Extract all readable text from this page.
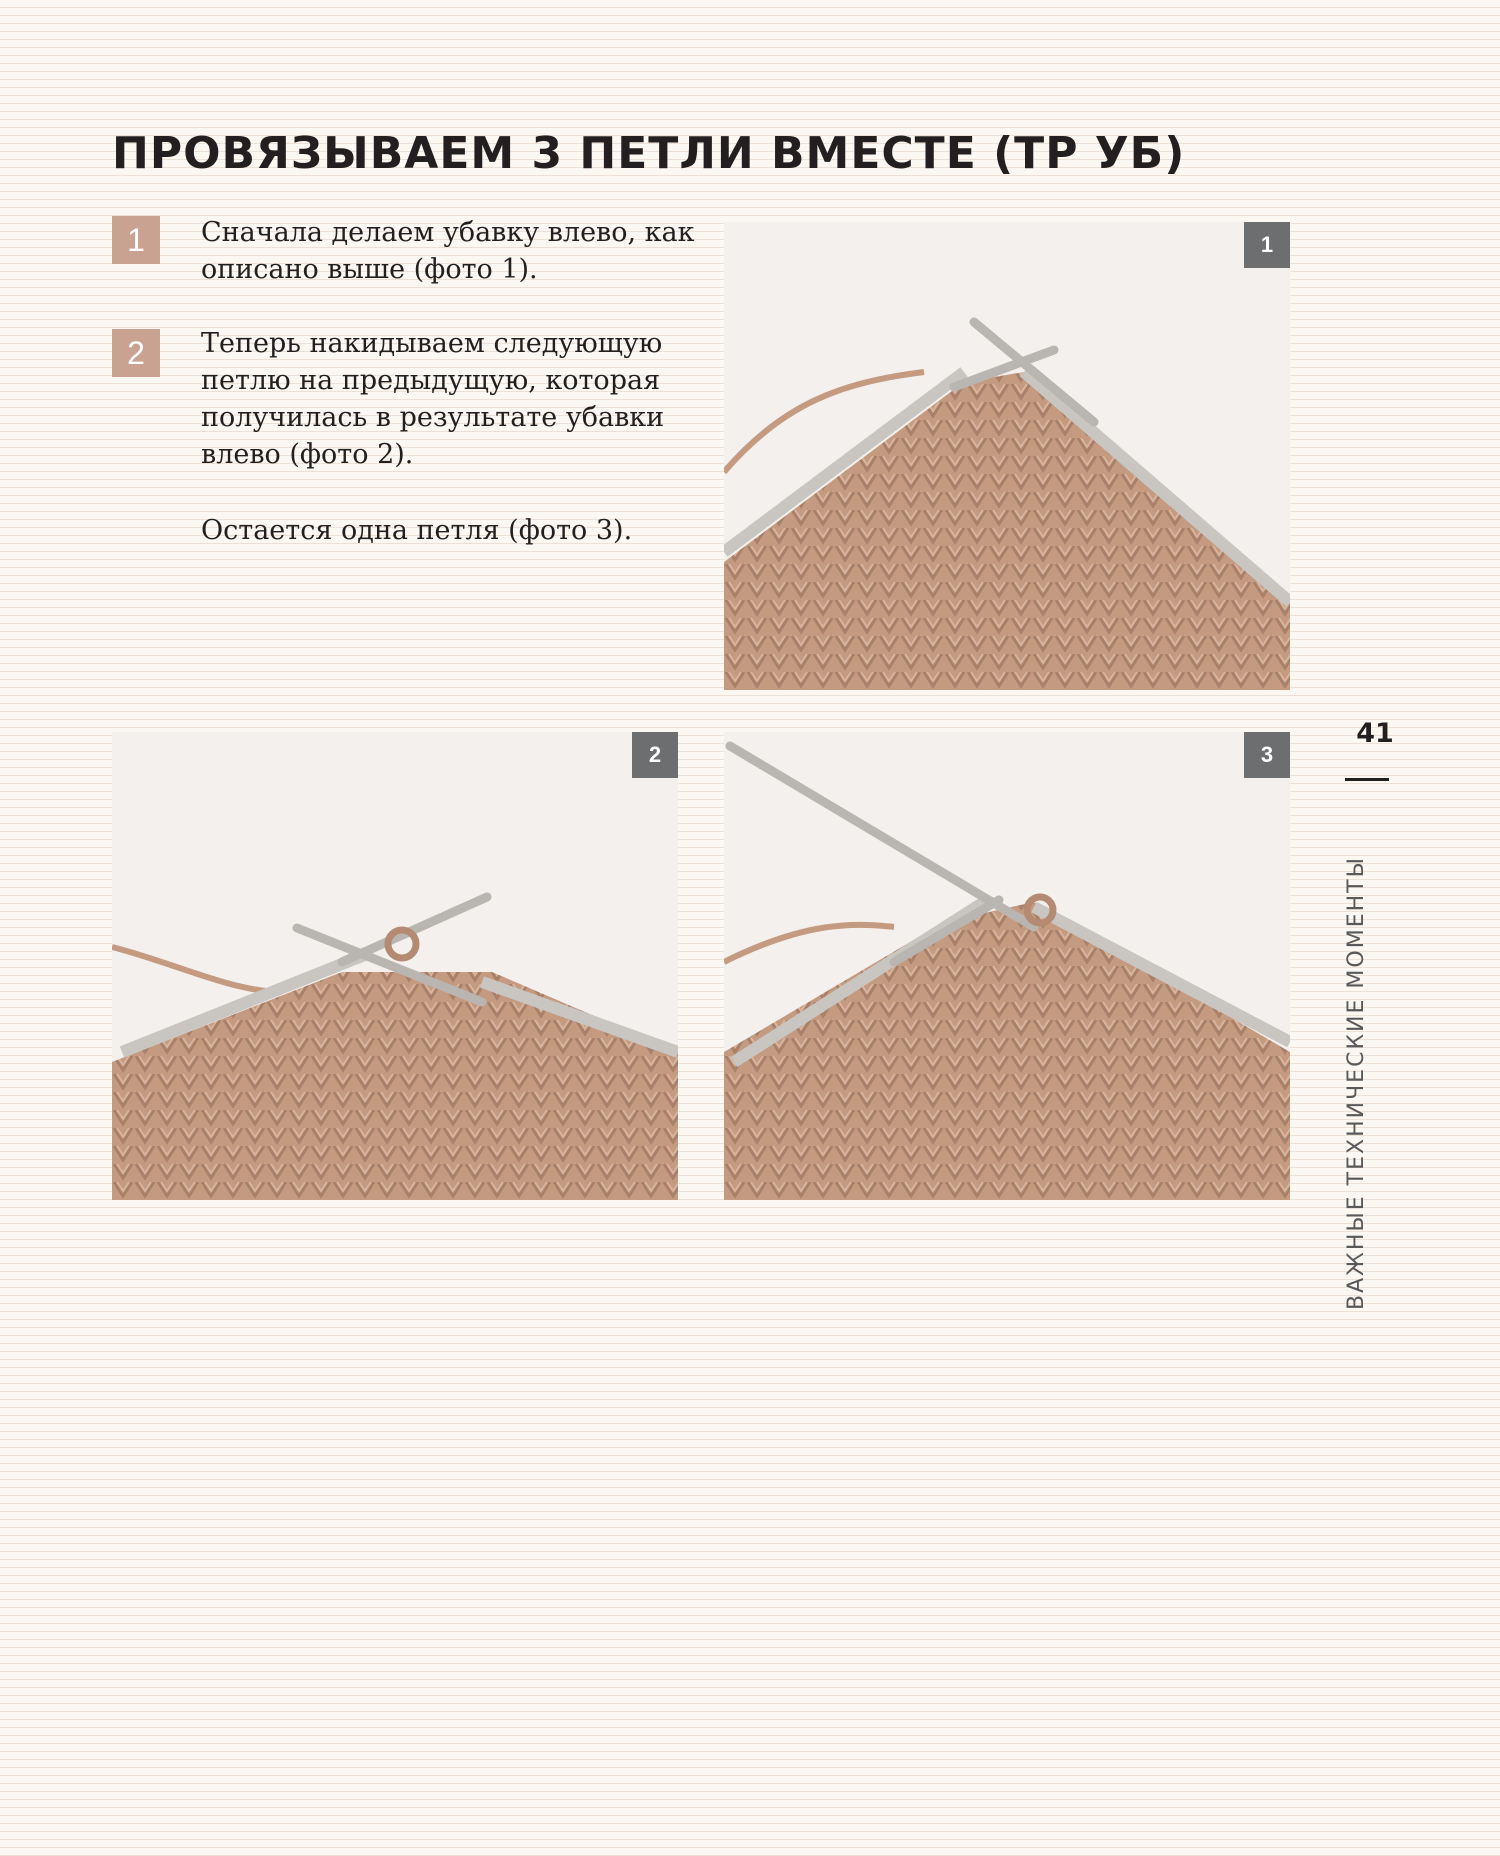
ПРОВЯЗЫВАЕМ 3 ПЕТЛИ ВМЕСТЕ (ТР УБ)
1	Сначала делаем убавку влево, как описано выше (фото 1).

2	Теперь накидываем следующую петлю на предыдущую, которая получилась в результате убавки влево (фото 2).

Остается одна петля (фото 3).

1
2	3
41
ВАЖНЫЕ ТЕХНИЧЕСКИЕ МОМЕНТЫ
